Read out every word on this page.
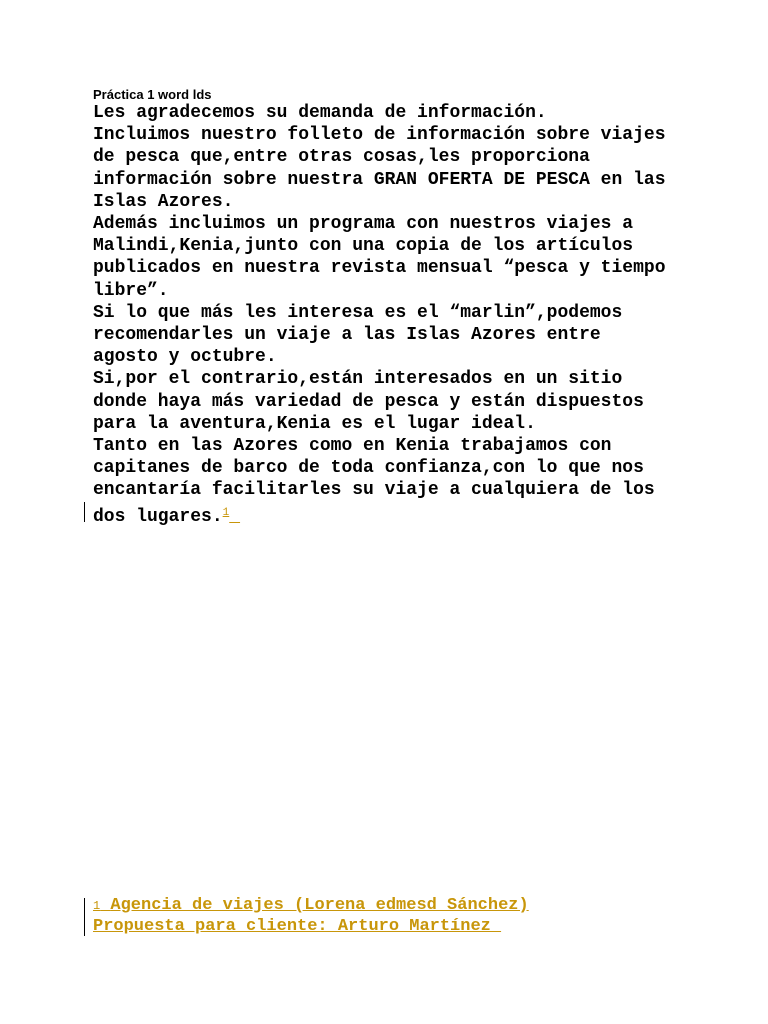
Práctica 1 word lds
Les agradecemos su demanda de información.
Incluimos nuestro folleto de información sobre viajes
de pesca que,entre otras cosas,les proporciona
información sobre nuestra GRAN OFERTA DE PESCA en las
Islas Azores.
Además incluimos un programa con nuestros viajes a
Malindi,Kenia,junto con una copia de los artículos
publicados en nuestra revista mensual “pesca y tiempo
libre”.
Si lo que más les interesa es el “marlin”,podemos
recomendarles un viaje a las Islas Azores entre
agosto y octubre.
Si,por el contrario,están interesados en un sitio
donde haya más variedad de pesca y están dispuestos
para la aventura,Kenia es el lugar ideal.
Tanto en las Azores como en Kenia trabajamos con
capitanes de barco de toda confianza,con lo que nos
encantaría facilitarles su viaje a cualquiera de los
dos lugares.$^1$
1 Agencia de viajes (Lorena edmesd Sánchez)
Propuesta para cliente: Arturo Martínez
